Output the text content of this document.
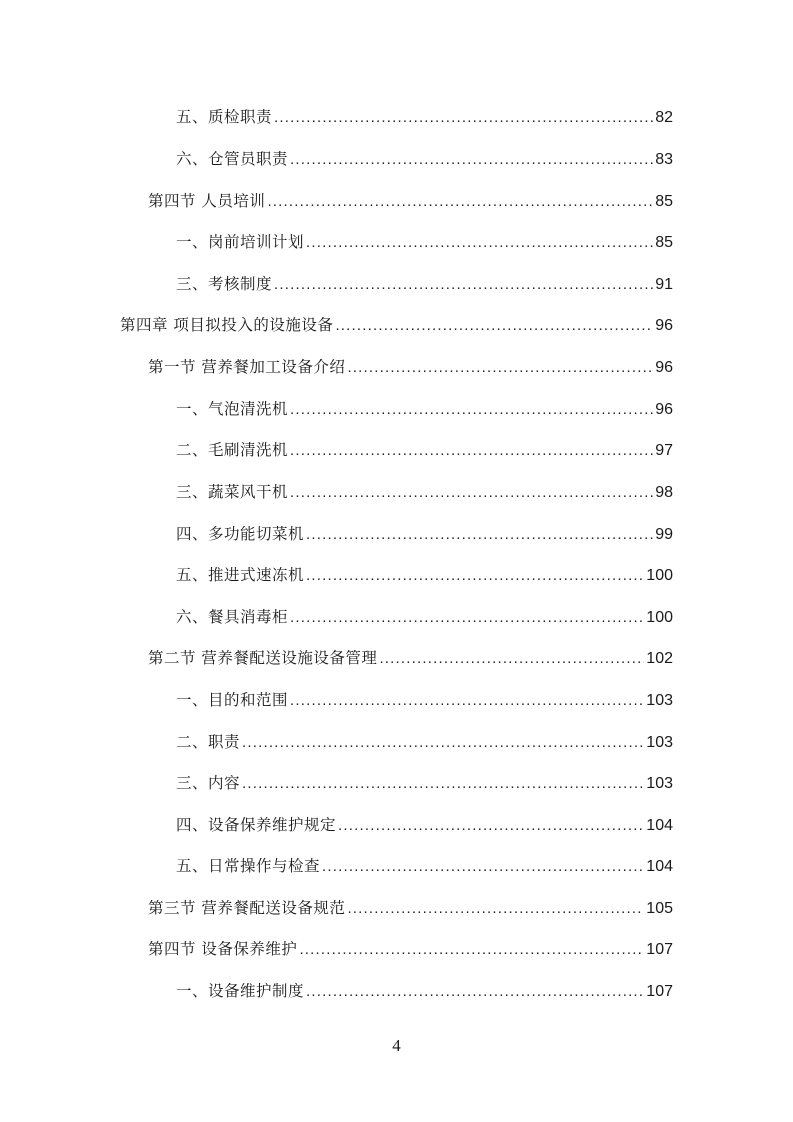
五、质检职责 .....	82
六、仓管员职责 .....	83
第四节 人员培训 .....	85
一、岗前培训计划 .....	85
三、考核制度 .....	91
第四章 项目拟投入的设施设备 .....	96
第一节 营养餐加工设备介绍 .....	96
一、气泡清洗机 .....	96
二、毛刷清洗机 .....	97
三、蔬菜风干机 .....	98
四、多功能切菜机 .....	99
五、推进式速冻机 .....	100
六、餐具消毒柜 .....	100
第二节 营养餐配送设施设备管理 .....	102
一、目的和范围 .....	103
二、职责 .....	103
三、内容 .....	103
四、设备保养维护规定 .....	104
五、日常操作与检查 .....	104
第三节 营养餐配送设备规范 .....	105
第四节 设备保养维护 .....	107
一、设备维护制度 .....	107
4
